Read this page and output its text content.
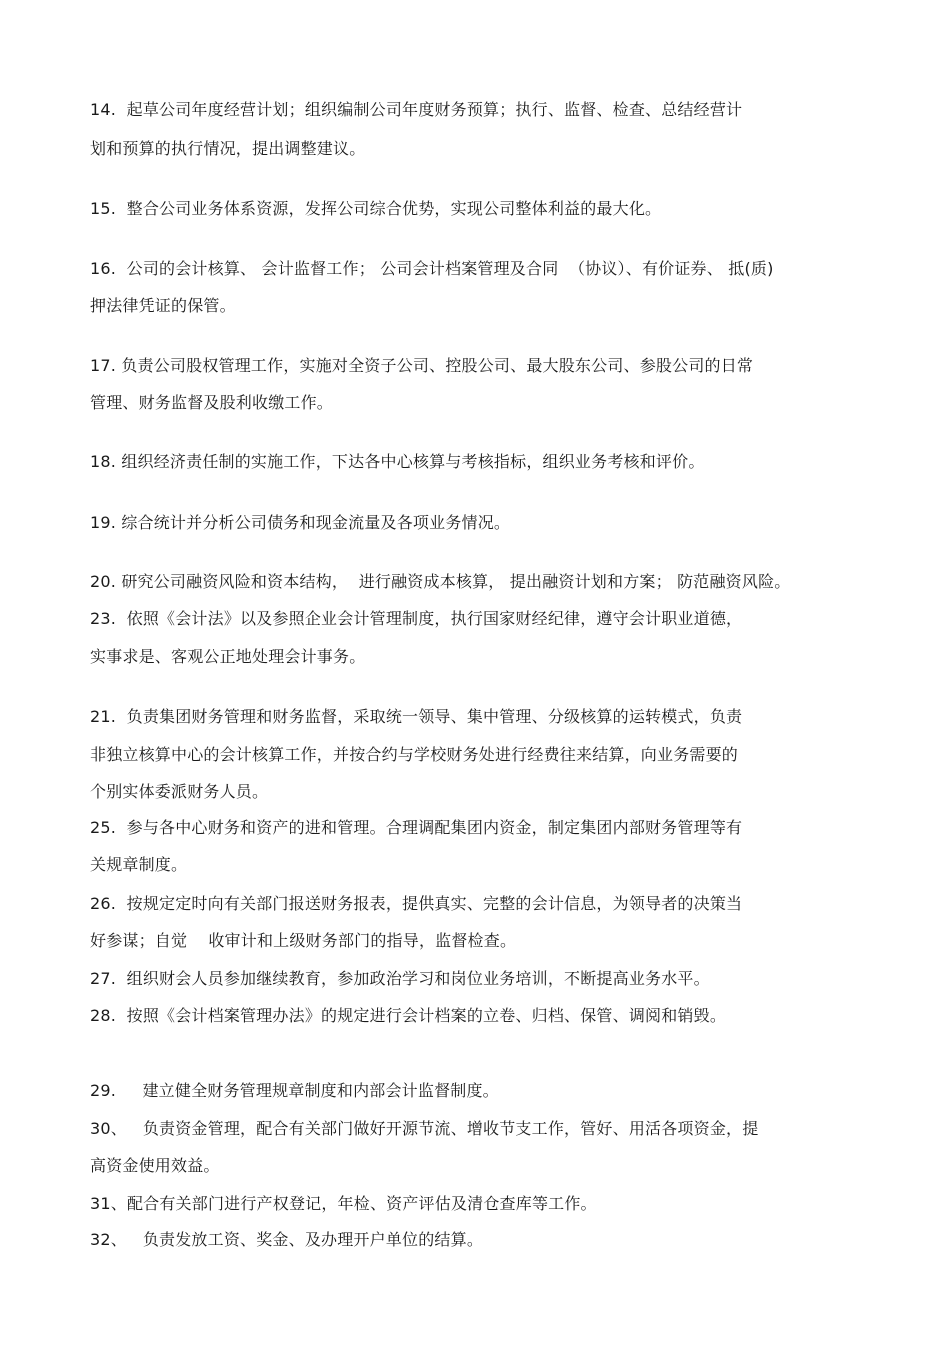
14.  起草公司年度经营计划；组织编制公司年度财务预算；执行、监督、检查、总结经营计
划和预算的执行情况，提出调整建议。
15.  整合公司业务体系资源，发挥公司综合优势，实现公司整体利益的最大化。
16.  公司的会计核算、 会计监督工作； 公司会计档案管理及合同  （协议）、有价证券、 抵(质)
押法律凭证的保管。
17. 负责公司股权管理工作，实施对全资子公司、控股公司、最大股东公司、参股公司的日常
管理、财务监督及股利收缴工作。
18. 组织经济责任制的实施工作，下达各中心核算与考核指标，组织业务考核和评价。
19. 综合统计并分析公司债务和现金流量及各项业务情况。
20. 研究公司融资风险和资本结构，  进行融资成本核算， 提出融资计划和方案； 防范融资风险。
23.  依照《会计法》以及参照企业会计管理制度，执行国家财经纪律，遵守会计职业道德，
实事求是、客观公正地处理会计事务。
21.  负责集团财务管理和财务监督，采取统一领导、集中管理、分级核算的运转模式，负责
非独立核算中心的会计核算工作，并按合约与学校财务处进行经费往来结算，向业务需要的
个别实体委派财务人员。
25.  参与各中心财务和资产的进和管理。合理调配集团内资金，制定集团内部财务管理等有
关规章制度。
26.  按规定定时向有关部门报送财务报表，提供真实、完整的会计信息，为领导者的决策当
好参谋；自觉    收审计和上级财务部门的指导，监督检查。
27.  组织财会人员参加继续教育，参加政治学习和岗位业务培训，不断提高业务水平。
28.  按照《会计档案管理办法》的规定进行会计档案的立卷、归档、保管、调阅和销毁。
29.     建立健全财务管理规章制度和内部会计监督制度。
30、   负责资金管理，配合有关部门做好开源节流、增收节支工作，管好、用活各项资金，提
高资金使用效益。
31、配合有关部门进行产权登记，年检、资产评估及清仓查库等工作。
32、   负责发放工资、奖金、及办理开户单位的结算。
